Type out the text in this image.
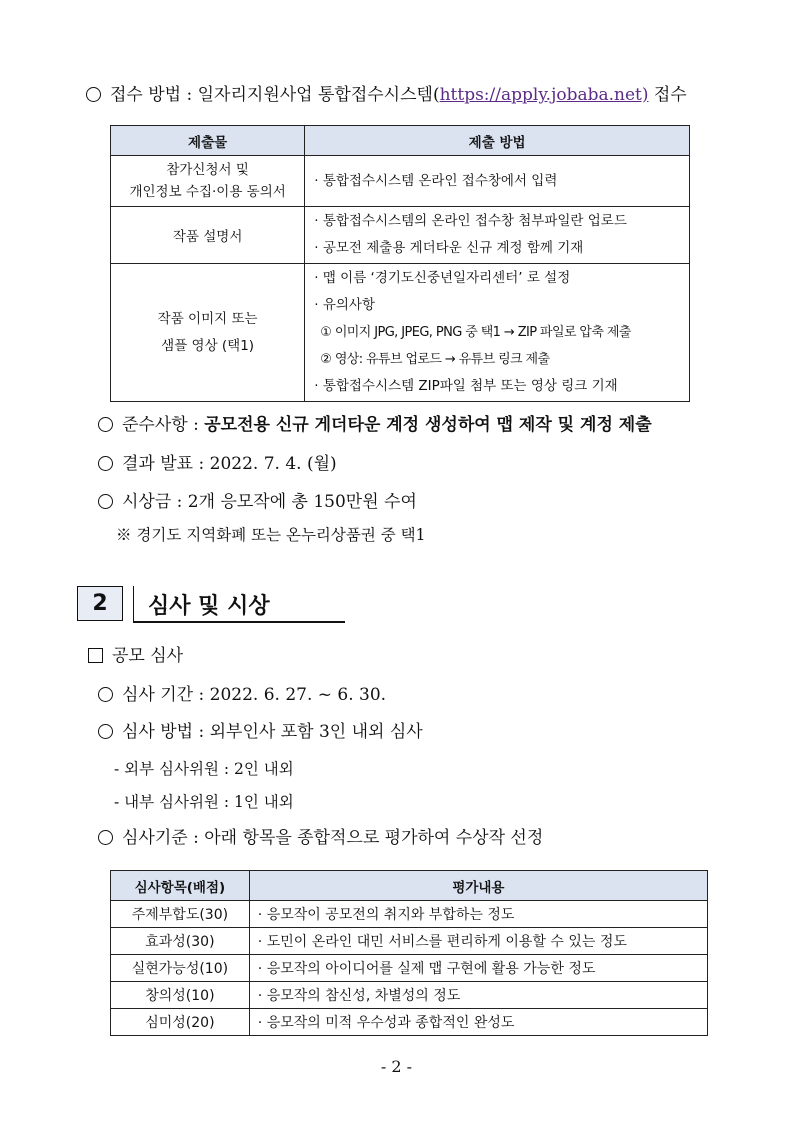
접수 방법 : 일자리지원사업 통합접수시스템(https://apply.jobaba.net) 접수
제출물	제출 방법
참가신청서 및
개인정보 수집·이용 동의서	· 통합접수시스템 온라인 접수창에서 입력

작품 설명서	· 통합접수시스템의 온라인 접수창 첨부파일란 업로드
· 공모전 제출용 게더타운 신규 계정 함께 기재

작품 이미지 또는
샘플 영상 (택1)	· 맵 이름 ‘경기도신중년일자리센터’ 로 설정
· 유의사항
① 이미지 JPG, JPEG, PNG 중 택1 → ZIP 파일로 압축 제출
② 영상: 유튜브 업로드 → 유튜브 링크 제출
· 통합접수시스템 ZIP파일 첨부 또는 영상 링크 기재
준수사항 : 공모전용 신규 게더타운 계정 생성하여 맵 제작 및 계정 제출
결과 발표 : 2022. 7. 4. (월)
시상금 : 2개 응모작에 총 150만원 수여
※ 경기도 지역화폐 또는 온누리상품권 중 택1
2	심사 및 시상
공모 심사
심사 기간 : 2022. 6. 27. ~ 6. 30.
심사 방법 : 외부인사 포함 3인 내외 심사
- 외부 심사위원 : 2인 내외
- 내부 심사위원 : 1인 내외
심사기준 : 아래 항목을 종합적으로 평가하여 수상작 선정
심사항목(배점)	평가내용
주제부합도(30)	· 응모작이 공모전의 취지와 부합하는 정도
효과성(30)	· 도민이 온라인 대민 서비스를 편리하게 이용할 수 있는 정도
실현가능성(10)	· 응모작의 아이디어를 실제 맵 구현에 활용 가능한 정도
창의성(10)	· 응모작의 참신성, 차별성의 정도
심미성(20)	· 응모작의 미적 우수성과 종합적인 완성도
- 2 -
